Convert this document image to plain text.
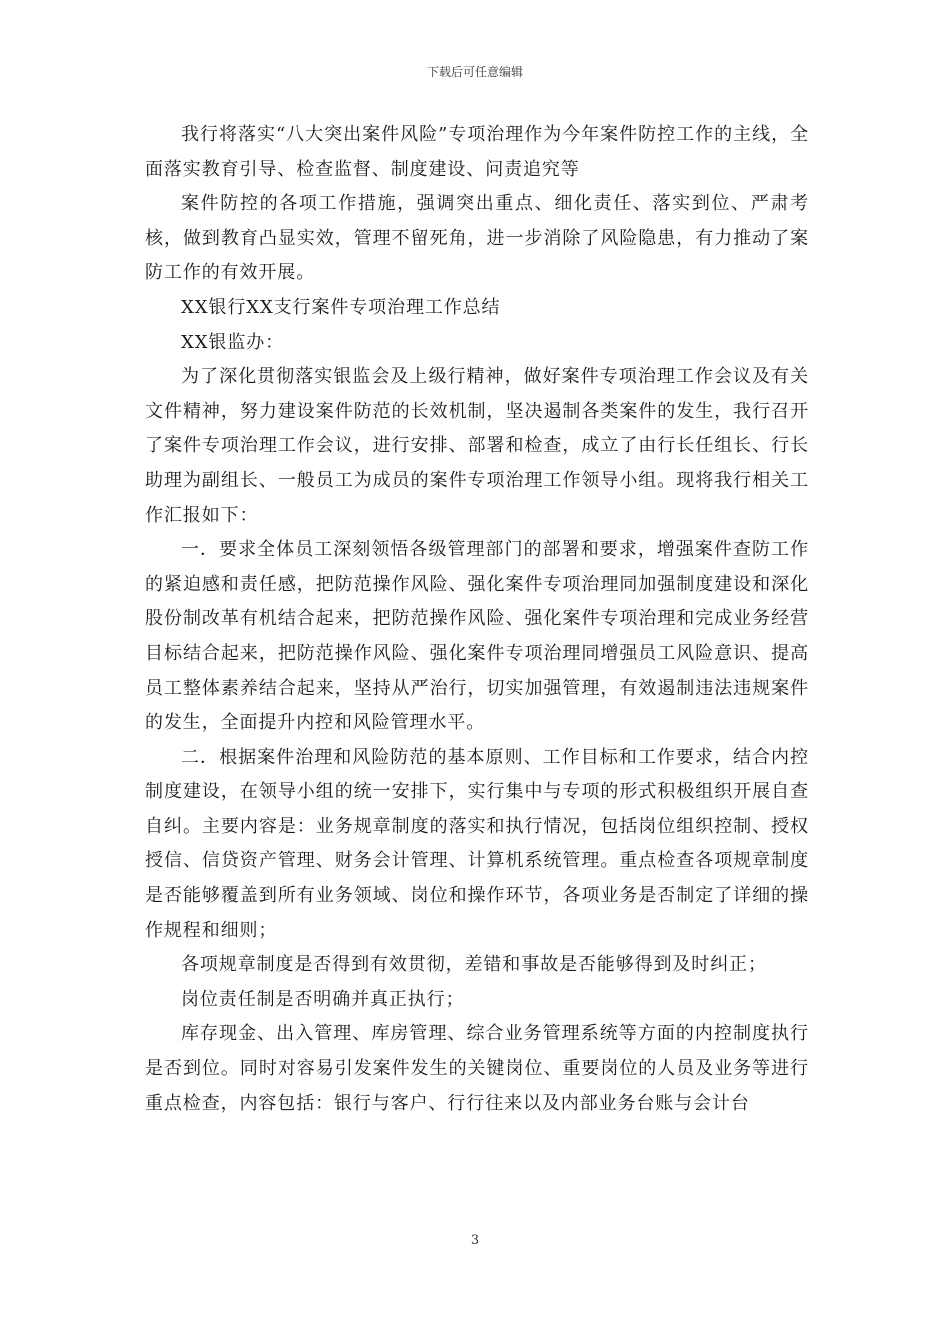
下载后可任意编辑

我行将落实“八大突出案件风险”专项治理作为今年案件防控工作的主线，全面落实教育引导、检查监督、制度建设、问责追究等

案件防控的各项工作措施，强调突出重点、细化责任、落实到位、严肃考核，做到教育凸显实效，管理不留死角，进一步消除了风险隐患，有力推动了案防工作的有效开展。

XX银行XX支行案件专项治理工作总结

XX银监办：

为了深化贯彻落实银监会及上级行精神，做好案件专项治理工作会议及有关文件精神，努力建设案件防范的长效机制，坚决遏制各类案件的发生，我行召开了案件专项治理工作会议，进行安排、部署和检查，成立了由行长任组长、行长助理为副组长、一般员工为成员的案件专项治理工作领导小组。现将我行相关工作汇报如下：

一．要求全体员工深刻领悟各级管理部门的部署和要求，增强案件查防工作的紧迫感和责任感，把防范操作风险、强化案件专项治理同加强制度建设和深化股份制改革有机结合起来，把防范操作风险、强化案件专项治理和完成业务经营目标结合起来，把防范操作风险、强化案件专项治理同增强员工风险意识、提高员工整体素养结合起来，坚持从严治行，切实加强管理，有效遏制违法违规案件的发生，全面提升内控和风险管理水平。

二．根据案件治理和风险防范的基本原则、工作目标和工作要求，结合内控制度建设，在领导小组的统一安排下，实行集中与专项的形式积极组织开展自查自纠。主要内容是：业务规章制度的落实和执行情况，包括岗位组织控制、授权授信、信贷资产管理、财务会计管理、计算机系统管理。重点检查各项规章制度是否能够覆盖到所有业务领域、岗位和操作环节，各项业务是否制定了详细的操作规程和细则；

各项规章制度是否得到有效贯彻，差错和事故是否能够得到及时纠正；

岗位责任制是否明确并真正执行；

库存现金、出入管理、库房管理、综合业务管理系统等方面的内控制度执行是否到位。同时对容易引发案件发生的关键岗位、重要岗位的人员及业务等进行重点检查，内容包括：银行与客户、行行往来以及内部业务台账与会计台

3
